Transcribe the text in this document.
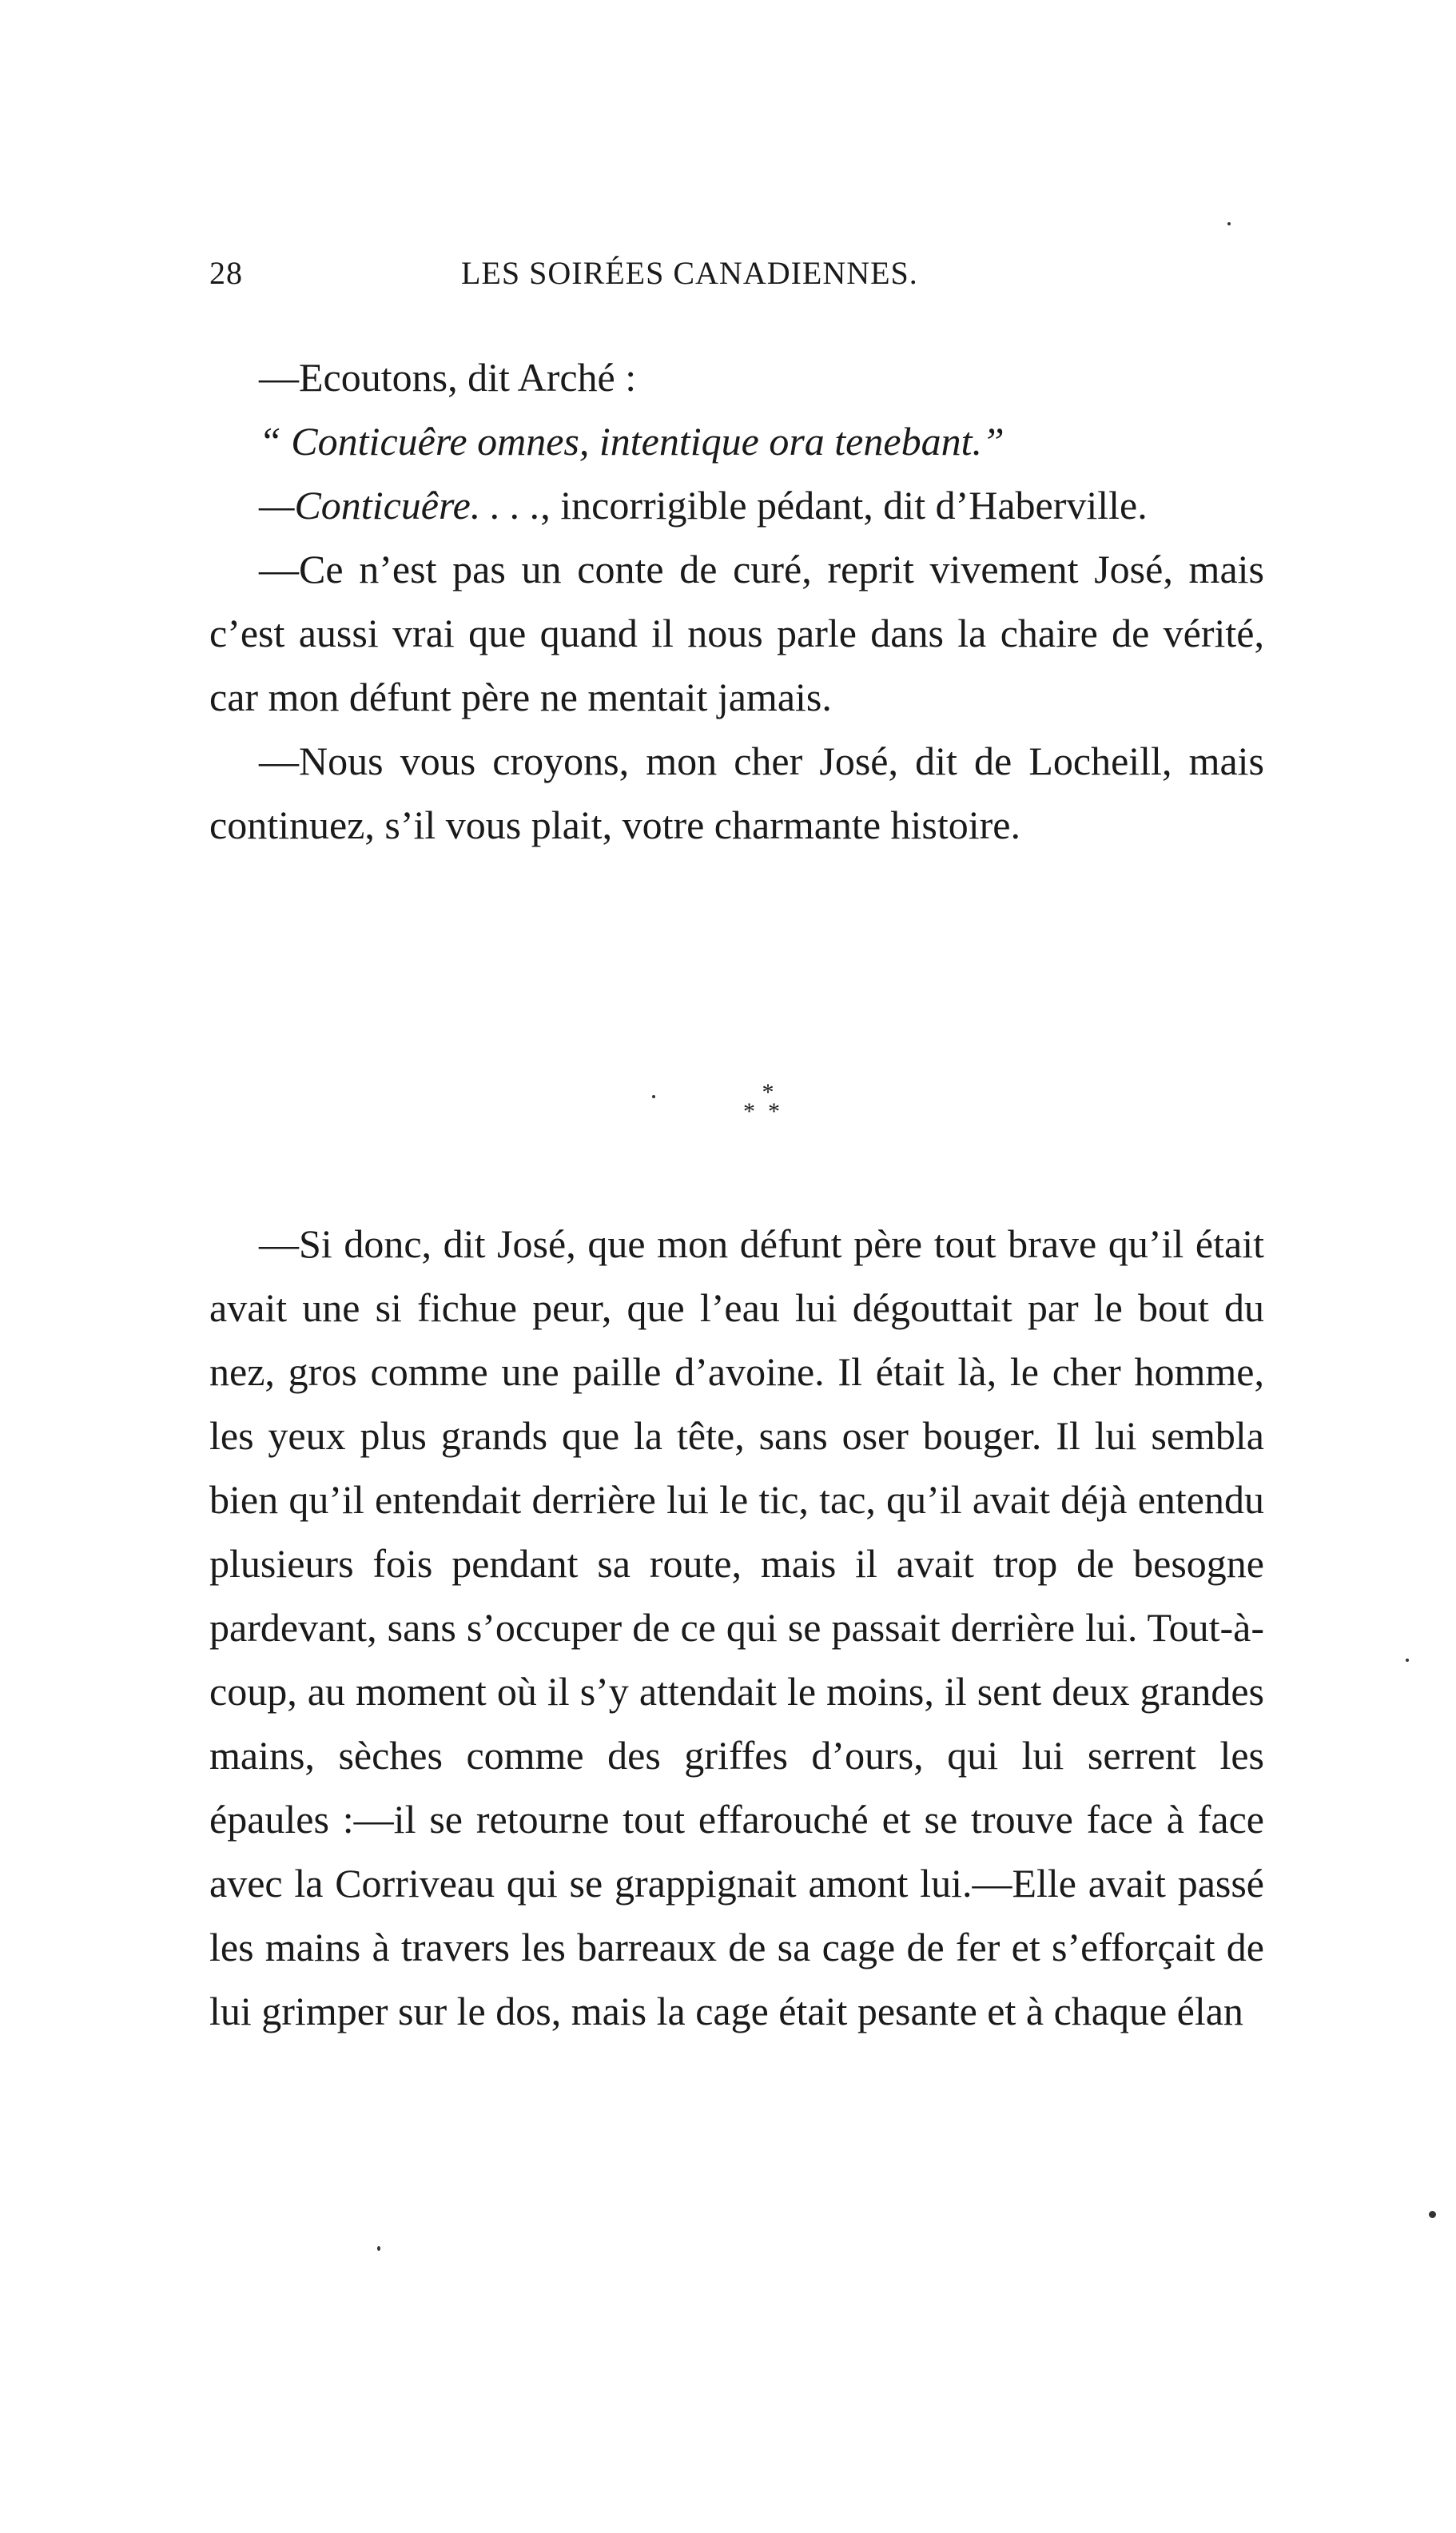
28	LES SOIRÉES CANADIENNES.

—Ecoutons, dit Arché :

“ Conticuêre omnes, intentique ora tenebant.”

—Conticuêre. . . ., incorrigible pédant, dit d’Haberville.

—Ce n’est pas un conte de curé, reprit vivement José, mais c’est aussi vrai que quand il nous parle dans la chaire de vérité, car mon défunt père ne mentait jamais.

—Nous vous croyons, mon cher José, dit de Locheill, mais continuez, s’il vous plait, votre charmante histoire.

*
**

—Si donc, dit José, que mon défunt père tout brave qu’il était avait une si fichue peur, que l’eau lui dégouttait par le bout du nez, gros comme une paille d’avoine. Il était là, le cher homme, les yeux plus grands que la tête, sans oser bouger. Il lui sembla bien qu’il entendait derrière lui le tic, tac, qu’il avait déjà entendu plusieurs fois pendant sa route, mais il avait trop de besogne pardevant, sans s’occuper de ce qui se passait derrière lui. Tout-à-coup, au moment où il s’y attendait le moins, il sent deux grandes mains, sèches comme des griffes d’ours, qui lui serrent les épaules :—il se retourne tout effarouché et se trouve face à face avec la Corriveau qui se grappignait amont lui.—Elle avait passé les mains à travers les barreaux de sa cage de fer et s’efforçait de lui grimper sur le dos, mais la cage était pesante et à chaque élan
